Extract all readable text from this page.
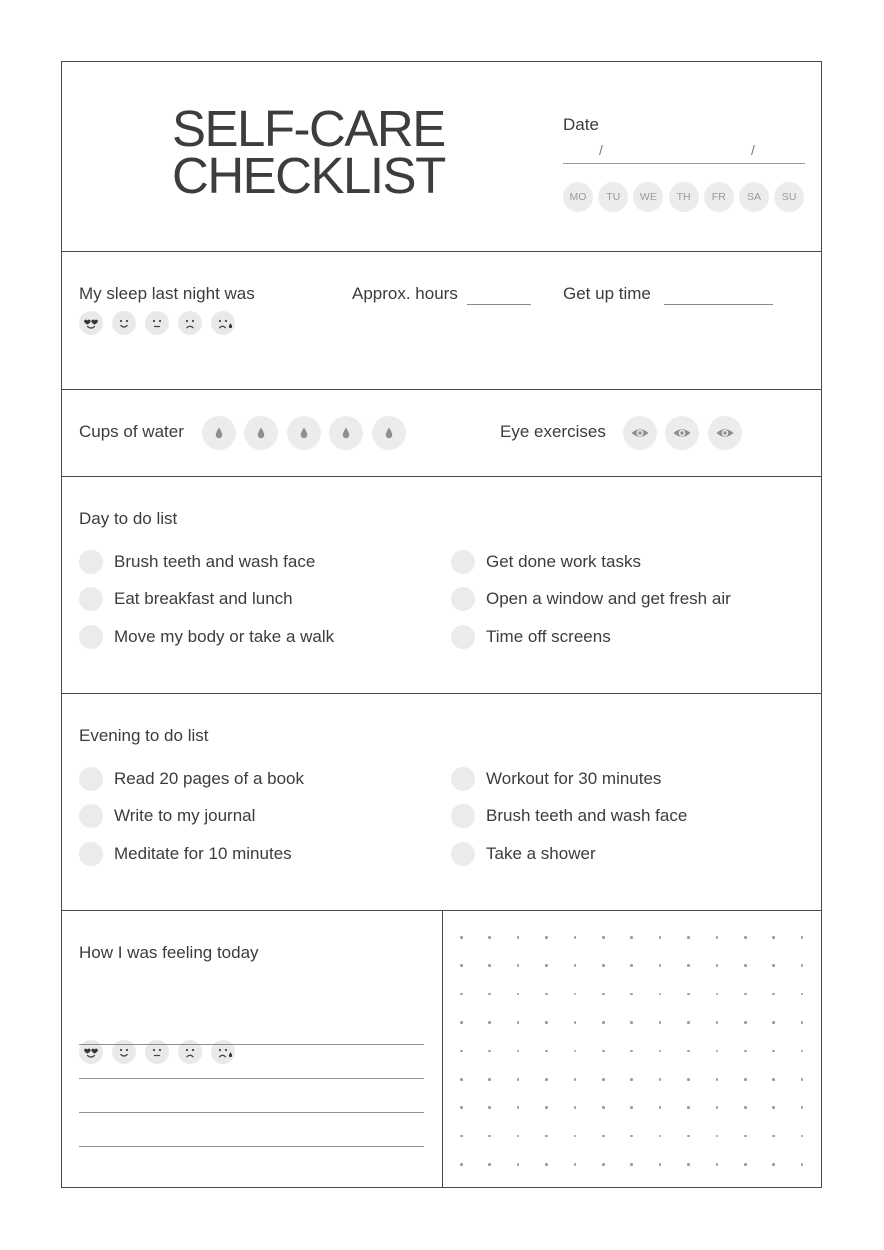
SELF-CARE
CHECKLIST
Date
/	/
MO	TU	WE	TH	FR	SA	SU
My sleep last night was	Approx. hours	Get up time
Cups of water	Eye exercises
Day to do list
Brush teeth and wash face
Eat breakfast and lunch
Move my body or take a walk
Get done work tasks
Open a window and get fresh air
Time off screens
Evening to do list
Read 20 pages of a book
Write to my journal
Meditate for 10 minutes
Workout for 30 minutes
Brush teeth and wash face
Take a shower
How I was feeling today
